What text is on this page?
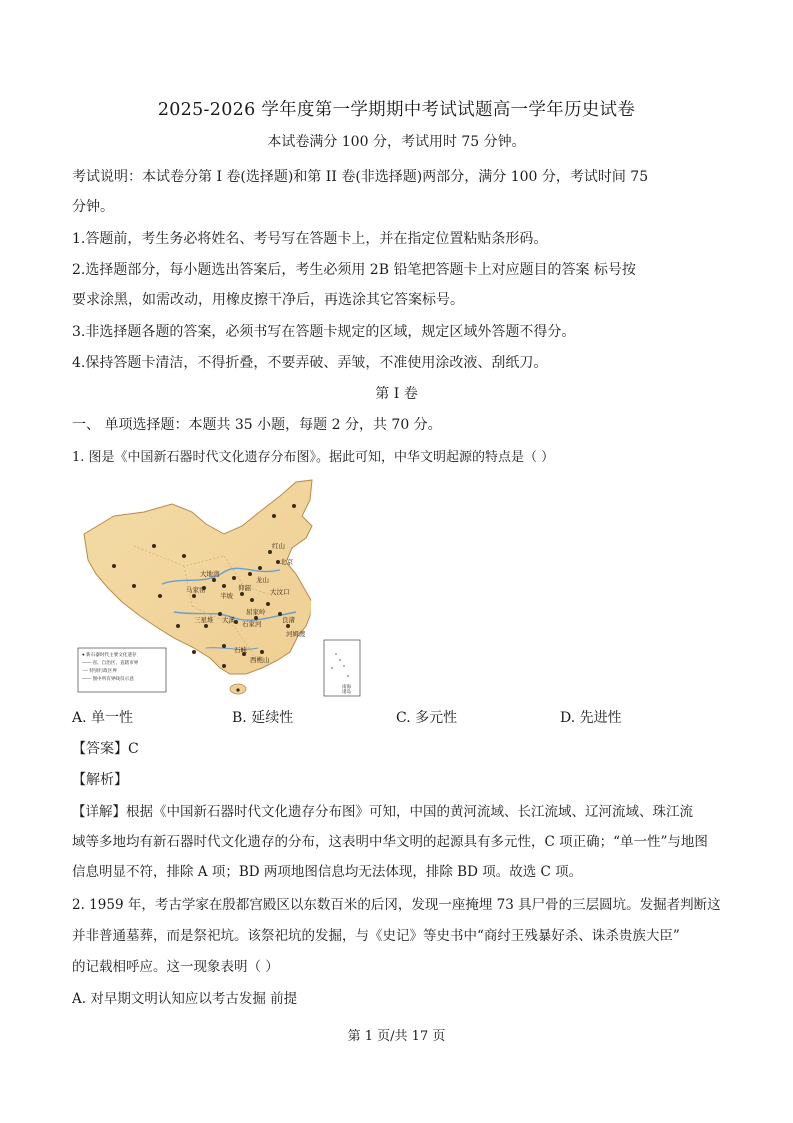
2025-2026 学年度第一学期期中考试试题高一学年历史试卷
本试卷满分 100 分，考试用时 75 分钟。
考试说明：本试卷分第 I 卷(选择题)和第 II 卷(非选择题)两部分，满分 100 分，考试时间 75
分钟。
1.答题前，考生务必将姓名、考号写在答题卡上，并在指定位置粘贴条形码。
2.选择题部分，每小题选出答案后，考生必须用 2B 铅笔把答题卡上对应题目的答案 标号按
要求涂黑，如需改动，用橡皮擦干净后，再选涂其它答案标号。
3.非选择题各题的答案，必须书写在答题卡规定的区域，规定区域外答题不得分。
4.保持答题卡清洁，不得折叠，不要弄破、弄皱，不准使用涂改液、刮纸刀。
第 I 卷
一、 单项选择题：本题共 35 小题，每题 2 分，共 70 分。
1. 图是《中国新石器时代文化遗存分布图》。据此可知，中华文明起源的特点是（ ）
红山
北京
大地湾
马家窑
半坡
仰韶
大汶口
龙山
河姆渡
良渚
屈家岭
石家河
大溪
三星堆
石峡
西樵山
● 新石器时代主要文化遗存
—— 省、自治区、直辖市界
---- 特别行政区界
—— 图中所有界线仅示意
南海
诸岛
A. 单一性	B. 延续性	C. 多元性	D. 先进性
【答案】C
【解析】
【详解】根据《中国新石器时代文化遗存分布图》可知，中国的黄河流域、长江流域、辽河流域、珠江流
域等多地均有新石器时代文化遗存的分布，这表明中华文明的起源具有多元性，C 项正确；“单一性”与地图
信息明显不符，排除 A 项；BD 两项地图信息均无法体现，排除 BD 项。故选 C 项。
2. 1959 年，考古学家在殷都宫殿区以东数百米的后冈，发现一座掩埋 73 具尸骨的三层圆坑。发掘者判断这
并非普通墓葬，而是祭祀坑。该祭祀坑的发掘，与《史记》等史书中“商纣王残暴好杀、诛杀贵族大臣”
的记载相呼应。这一现象表明（ ）
A. 对早期文明认知应以考古发掘 前提
第 1 页/共 17 页
